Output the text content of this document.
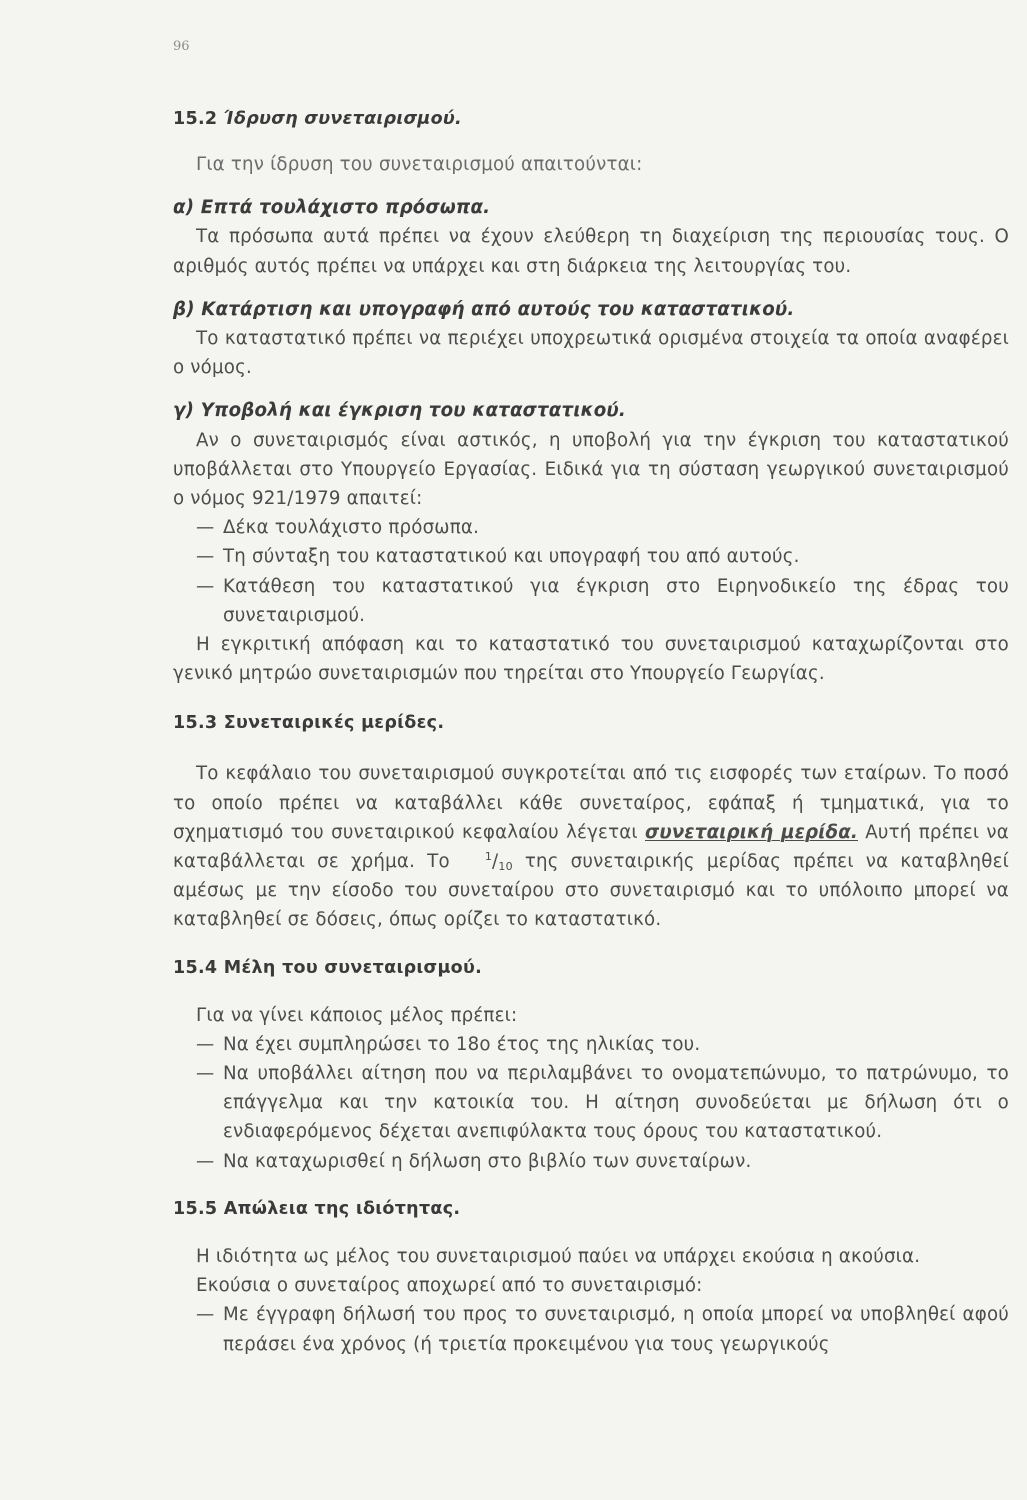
96
15.2 Ίδρυση συνεταιρισμού.

Για την ίδρυση του συνεταιρισμού απαιτούνται:

α) Επτά τουλάχιστο πρόσωπα.

Τα πρόσωπα αυτά πρέπει να έχουν ελεύθερη τη διαχείριση της περιουσίας τους. Ο αριθμός αυτός πρέπει να υπάρχει και στη διάρκεια της λειτουργίας του.

β) Κατάρτιση και υπογραφή από αυτούς του καταστατικού.

Το καταστατικό πρέπει να περιέχει υποχρεωτικά ορισμένα στοιχεία τα οποία αναφέρει ο νόμος.

γ) Υποβολή και έγκριση του καταστατικού.

Αν ο συνεταιρισμός είναι αστικός, η υποβολή για την έγκριση του καταστατικού υποβάλλεται στο Υπουργείο Εργασίας. Ειδικά για τη σύσταση γεωργικού συνεταιρισμού ο νόμος 921/1979 απαιτεί:

— Δέκα τουλάχιστο πρόσωπα.
— Τη σύνταξη του καταστατικού και υπογραφή του από αυτούς.
— Κατάθεση του καταστατικού για έγκριση στο Ειρηνοδικείο της έδρας του συνεταιρισμού.

Η εγκριτική απόφαση και το καταστατικό του συνεταιρισμού καταχωρίζονται στο γενικό μητρώο συνεταιρισμών που τηρείται στο Υπουργείο Γεωργίας.

15.3 Συνεταιρικές μερίδες.

Το κεφάλαιο του συνεταιρισμού συγκροτείται από τις εισφορές των εταίρων. Το ποσό το οποίο πρέπει να καταβάλλει κάθε συνεταίρος, εφάπαξ ή τμηματικά, για το σχηματισμό του συνεταιρικού κεφαλαίου λέγεται συνεταιρική μερίδα. Αυτή πρέπει να καταβάλλεται σε χρήμα. Το	$^1/_{10}$ της συνεταιρικής μερίδας πρέπει να καταβληθεί αμέσως με την είσοδο του συνεταίρου στο συνεταιρισμό και το υπόλοιπο μπορεί να καταβληθεί σε δόσεις, όπως ορίζει το καταστατικό.

15.4 Μέλη του συνεταιρισμού.

Για να γίνει κάποιος μέλος πρέπει:

— Να έχει συμπληρώσει το 18ο έτος της ηλικίας του.
— Να υποβάλλει αίτηση που να περιλαμβάνει το ονοματεπώνυμο, το πατρώνυμο, το επάγγελμα και την κατοικία του. Η αίτηση συνοδεύεται με δήλωση ότι ο ενδιαφερόμενος δέχεται ανεπιφύλακτα τους όρους του καταστατικού.
— Να καταχωρισθεί η δήλωση στο βιβλίο των συνεταίρων.
15.5 Απώλεια της ιδιότητας.

Η ιδιότητα ως μέλος του συνεταιρισμού παύει να υπάρχει εκούσια η ακούσια.

Εκούσια ο συνεταίρος αποχωρεί από το συνεταιρισμό:

— Με έγγραφη δήλωσή του προς το συνεταιρισμό, η οποία μπορεί να υποβληθεί αφού περάσει ένα χρόνος (ή τριετία προκειμένου για τους γεωργικούς
